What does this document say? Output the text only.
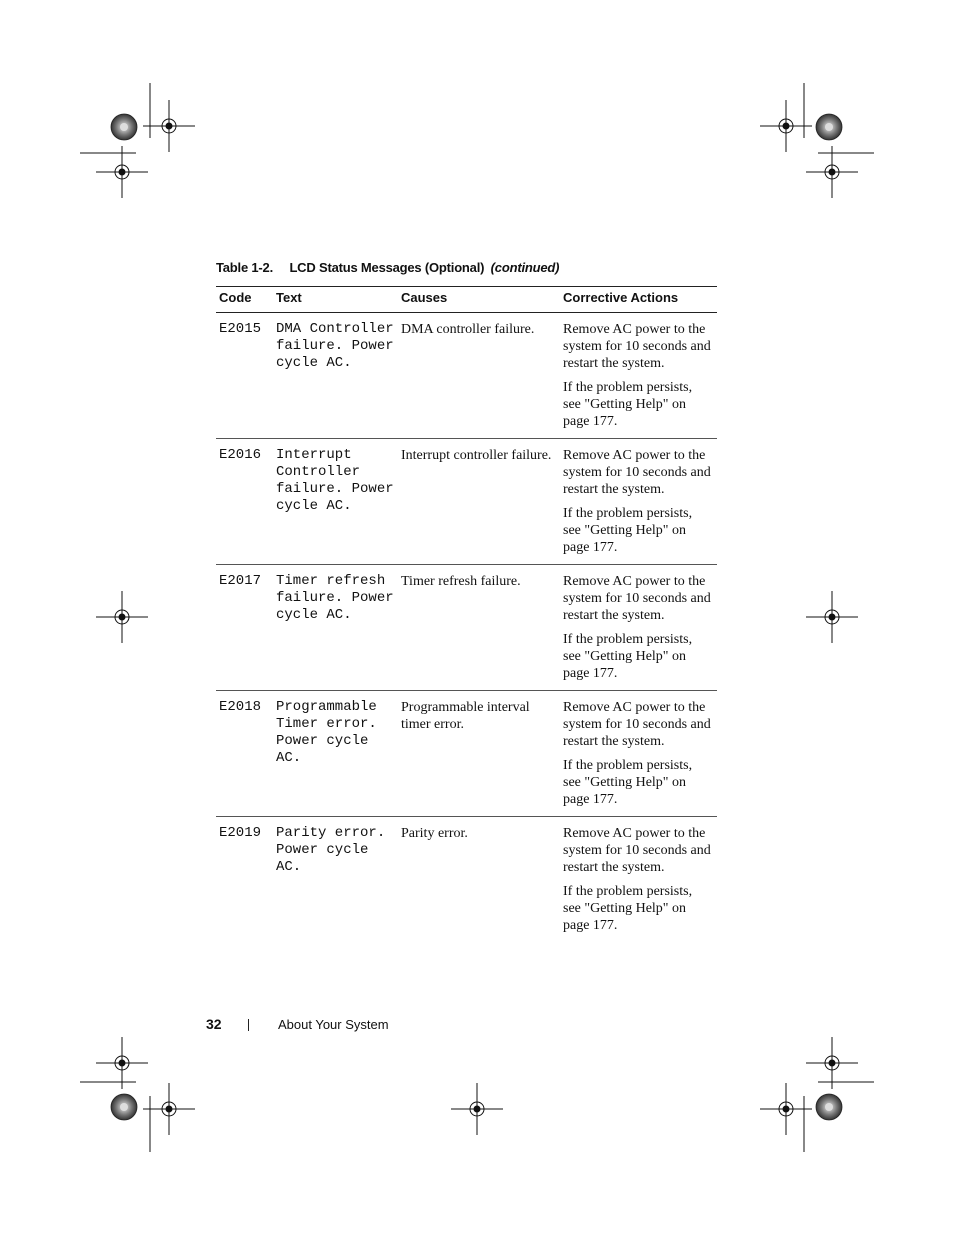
Table 1-2. LCD Status Messages (Optional) (continued)
Code	Text	Causes	Corrective Actions
E2015	DMA Controller failure. Power cycle AC.	DMA controller failure.	Remove AC power to the system for 10 seconds and restart the system.

If the problem persists, see "Getting Help" on page 177.

E2016	Interrupt Controller failure. Power cycle AC.	Interrupt controller failure.	Remove AC power to the system for 10 seconds and restart the system.

If the problem persists, see "Getting Help" on page 177.

E2017	Timer refresh failure. Power cycle AC.	Timer refresh failure.	Remove AC power to the system for 10 seconds and restart the system.

If the problem persists, see "Getting Help" on page 177.

E2018	Programmable Timer error. Power cycle AC.	Programmable interval timer error.	Remove AC power to the system for 10 seconds and restart the system.

If the problem persists, see "Getting Help" on page 177.

E2019	Parity error. Power cycle AC.	Parity error.	Remove AC power to the system for 10 seconds and restart the system.

If the problem persists, see "Getting Help" on page 177.

32	About Your System
